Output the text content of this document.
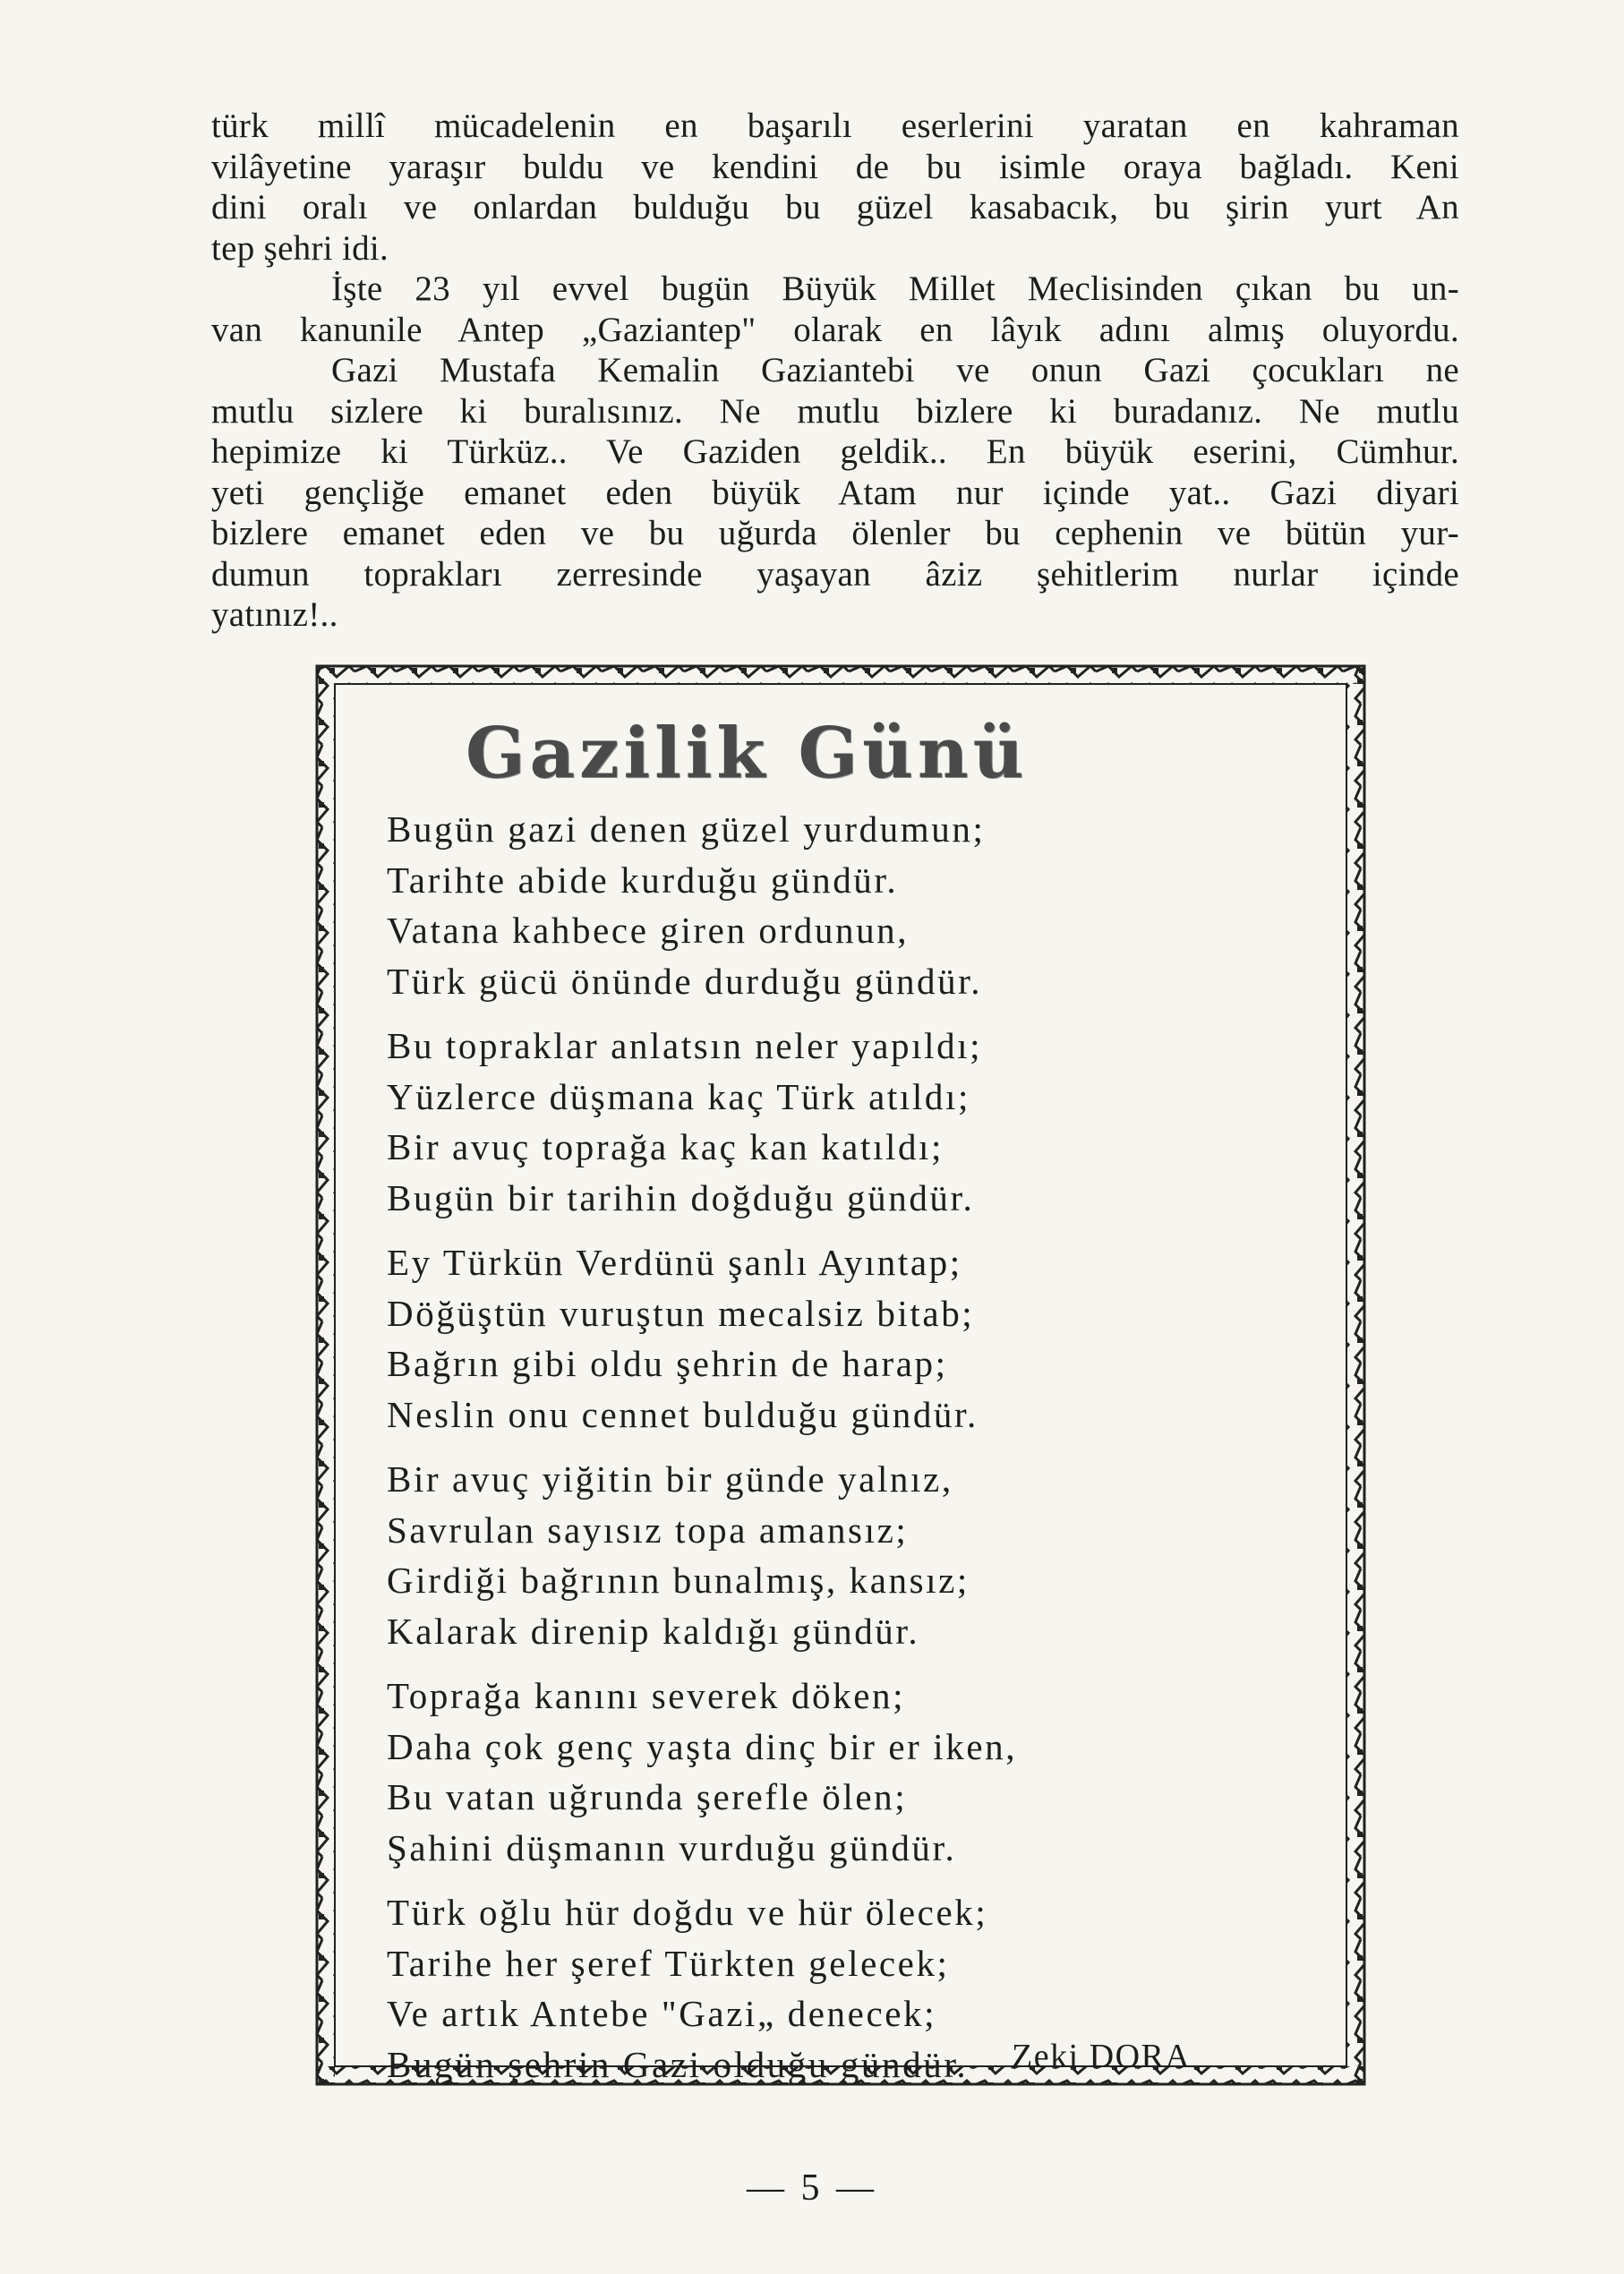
türk millî mücadelenin en başarılı eserlerini yaratan en kahraman

vilâyetine yaraşır buldu ve kendini de bu isimle oraya bağladı. Keni

dini oralı ve onlardan bulduğu bu güzel kasabacık, bu şirin yurt An

tep şehri idi.

İşte 23 yıl evvel bugün Büyük Millet Meclisinden çıkan bu un-

van kanunile Antep „Gaziantep" olarak en lâyık adını almış oluyordu.

Gazi Mustafa Kemalin Gaziantebi ve onun Gazi çocukları ne

mutlu sizlere ki buralısınız. Ne mutlu bizlere ki buradanız. Ne mutlu

hepimize ki Türküz.. Ve Gaziden geldik.. En büyük eserini, Cümhur.

yeti gençliğe emanet eden büyük Atam nur içinde yat.. Gazi diyari

bizlere emanet eden ve bu uğurda ölenler bu cephenin ve bütün yur-

dumun toprakları zerresinde yaşayan âziz şehitlerim nurlar içinde

yatınız!..

Gazilik Günü
Bugün gazi denen güzel yurdumun;
Tarihte abide kurduğu gündür.
Vatana kahbece giren ordunun,
Türk gücü önünde durduğu gündür.
Bu topraklar anlatsın neler yapıldı;
Yüzlerce düşmana kaç Türk atıldı;
Bir avuç toprağa kaç kan katıldı;
Bugün bir tarihin doğduğu gündür.
Ey Türkün Verdünü şanlı Ayıntap;
Döğüştün vuruştun mecalsiz bitab;
Bağrın gibi oldu şehrin de harap;
Neslin onu cennet bulduğu gündür.
Bir avuç yiğitin bir günde yalnız,
Savrulan sayısız topa amansız;
Girdiği bağrının bunalmış, kansız;
Kalarak direnip kaldığı gündür.
Toprağa kanını severek döken;
Daha çok genç yaşta dinç bir er iken,
Bu vatan uğrunda şerefle ölen;
Şahini düşmanın vurduğu gündür.
Türk oğlu hür doğdu ve hür ölecek;
Tarihe her şeref Türkten gelecek;
Ve artık Antebe "Gazi„ denecek;
Bugün şehrin Gazi olduğu gündür.	Zeki DORA
— 5 —
